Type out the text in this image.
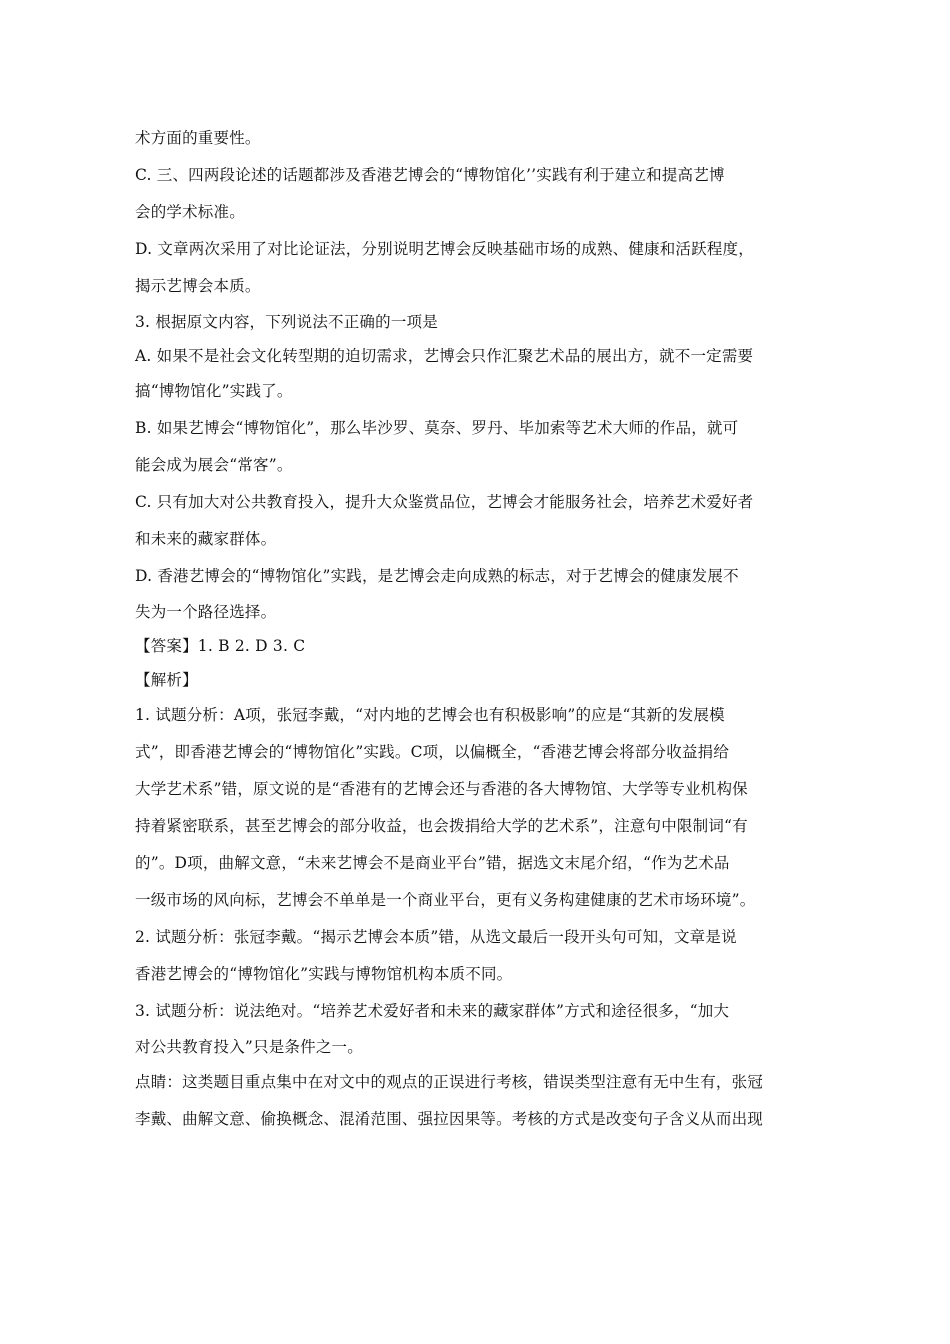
术方面的重要性。
C. 三、四两段论述的话题都涉及香港艺博会的“博物馆化’’实践有利于建立和提高艺博
会的学术标准。
D. 文章两次采用了对比论证法，分别说明艺博会反映基础市场的成熟、健康和活跃程度，
揭示艺博会本质。
3. 根据原文内容，下列说法不正确的一项是
A. 如果不是社会文化转型期的迫切需求，艺博会只作汇聚艺术品的展出方，就不一定需要
搞“博物馆化”实践了。
B. 如果艺博会“博物馆化”，那么毕沙罗、莫奈、罗丹、毕加索等艺术大师的作品，就可
能会成为展会“常客”。
C. 只有加大对公共教育投入，提升大众鉴赏品位，艺博会才能服务社会，培养艺术爱好者
和未来的藏家群体。
D. 香港艺博会的“博物馆化”实践，是艺博会走向成熟的标志，对于艺博会的健康发展不
失为一个路径选择。
【答案】1. B 2. D 3. C
【解析】
1. 试题分析：A项，张冠李戴，“对内地的艺博会也有积极影响”的应是“其新的发展模
式”，即香港艺博会的“博物馆化”实践。C项，以偏概全，“香港艺博会将部分收益捐给
大学艺术系”错，原文说的是“香港有的艺博会还与香港的各大博物馆、大学等专业机构保
持着紧密联系，甚至艺博会的部分收益，也会拨捐给大学的艺术系”，注意句中限制词“有
的”。D项，曲解文意，“未来艺博会不是商业平台”错，据选文末尾介绍，“作为艺术品
一级市场的风向标，艺博会不单单是一个商业平台，更有义务构建健康的艺术市场环境”。
2. 试题分析：张冠李戴。“揭示艺博会本质”错，从选文最后一段开头句可知，文章是说
香港艺博会的“博物馆化”实践与博物馆机构本质不同。
3. 试题分析：说法绝对。“培养艺术爱好者和未来的藏家群体”方式和途径很多，“加大
对公共教育投入”只是条件之一。
点睛：这类题目重点集中在对文中的观点的正误进行考核，错误类型注意有无中生有，张冠
李戴、曲解文意、偷换概念、混淆范围、强拉因果等。考核的方式是改变句子含义从而出现
